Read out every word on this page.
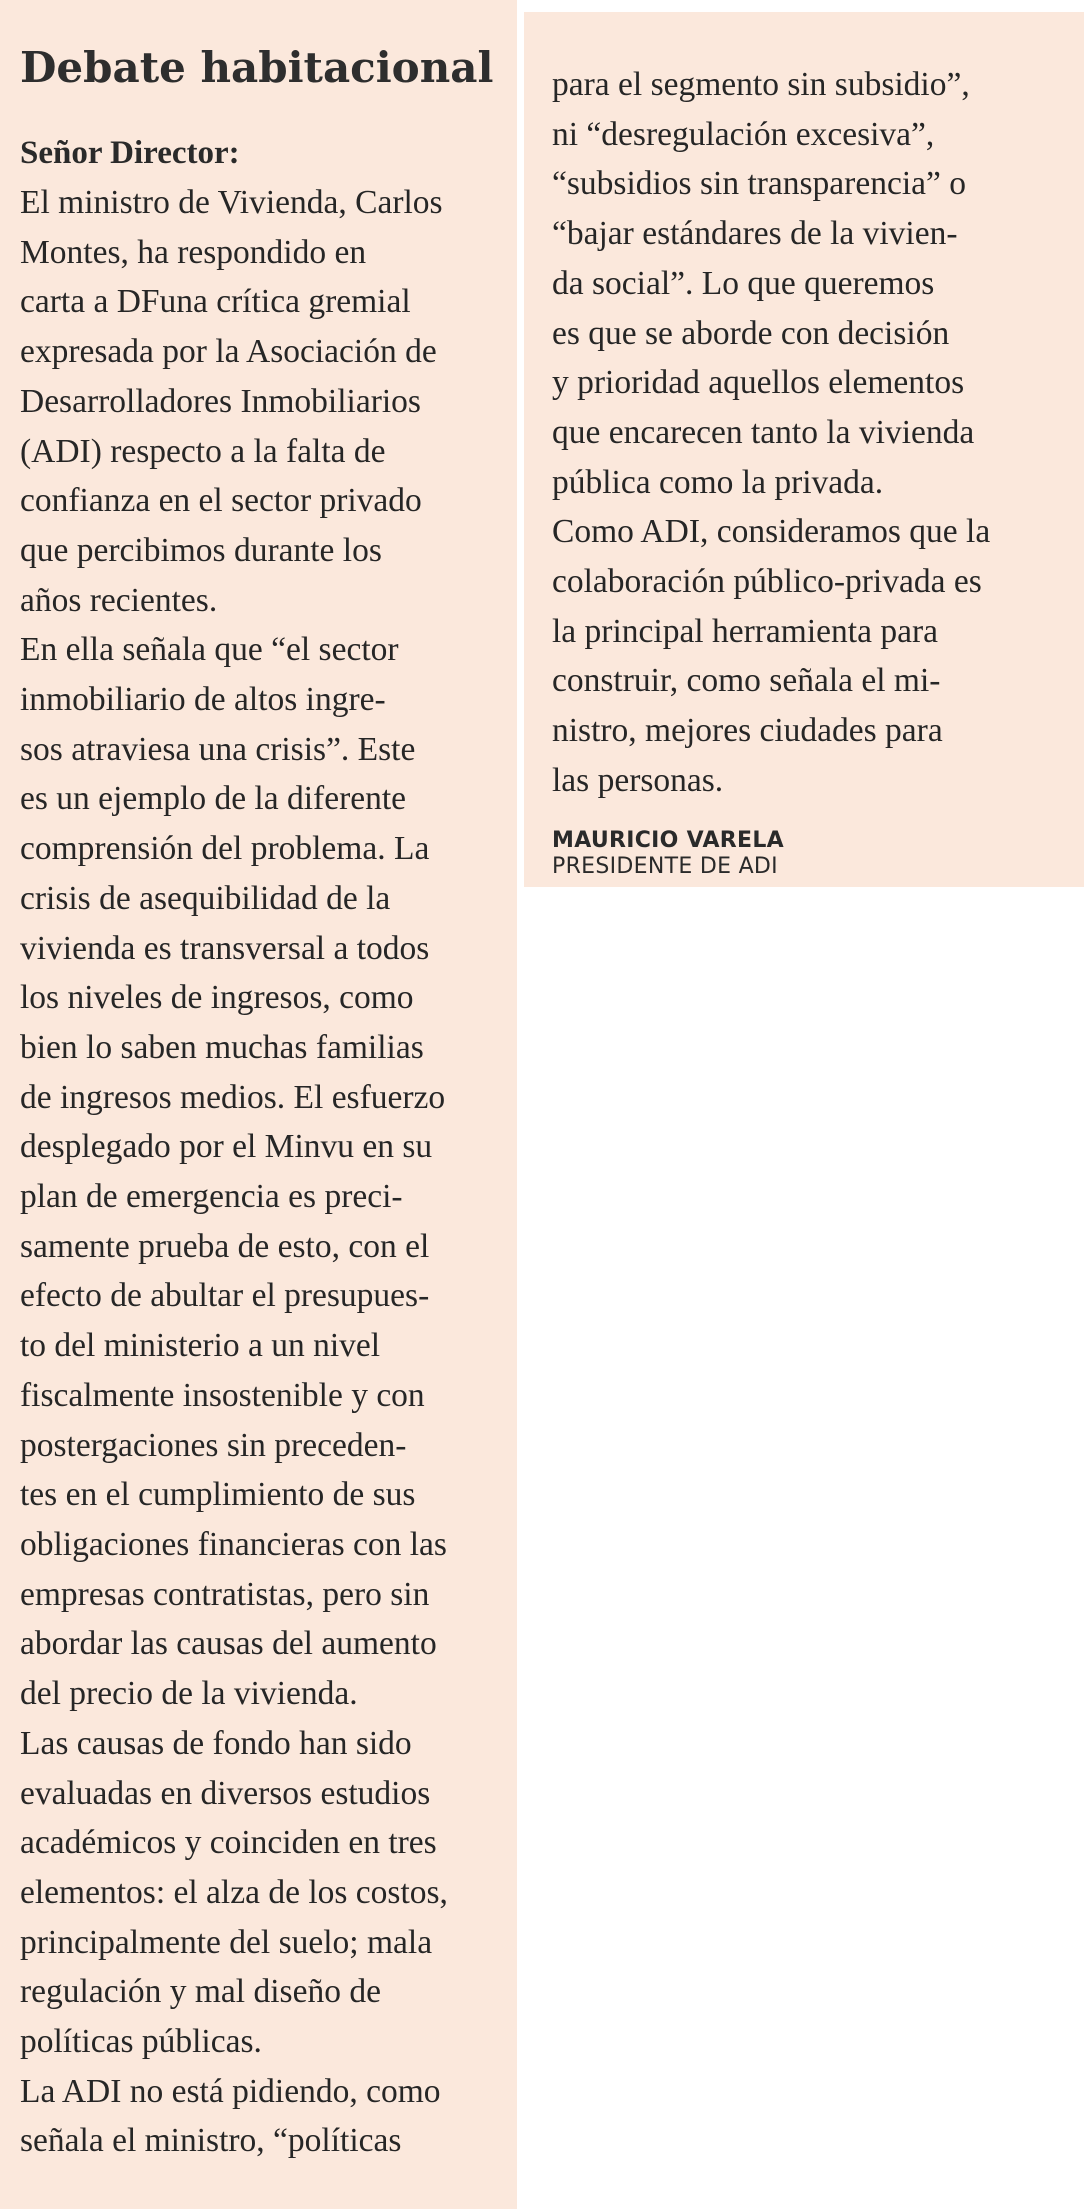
Debate habitacional
Señor Director:
El ministro de Vivienda, Carlos
Montes, ha respondido en
carta a DFuna crítica gremial
expresada por la Asociación de
Desarrolladores Inmobiliarios
(ADI) respecto a la falta de
confianza en el sector privado
que percibimos durante los
años recientes.
En ella señala que “el sector
inmobiliario de altos ingre-
sos atraviesa una crisis”. Este
es un ejemplo de la diferente
comprensión del problema. La
crisis de asequibilidad de la
vivienda es transversal a todos
los niveles de ingresos, como
bien lo saben muchas familias
de ingresos medios. El esfuerzo
desplegado por el Minvu en su
plan de emergencia es preci-
samente prueba de esto, con el
efecto de abultar el presupues-
to del ministerio a un nivel
fiscalmente insostenible y con
postergaciones sin preceden-
tes en el cumplimiento de sus
obligaciones financieras con las
empresas contratistas, pero sin
abordar las causas del aumento
del precio de la vivienda.
Las causas de fondo han sido
evaluadas en diversos estudios
académicos y coinciden en tres
elementos: el alza de los costos,
principalmente del suelo; mala
regulación y mal diseño de
políticas públicas.
La ADI no está pidiendo, como
señala el ministro, “políticas
para el segmento sin subsidio”,
ni “desregulación excesiva”,
“subsidios sin transparencia” o
“bajar estándares de la vivien-
da social”. Lo que queremos
es que se aborde con decisión
y prioridad aquellos elementos
que encarecen tanto la vivienda
pública como la privada.
Como ADI, consideramos que la
colaboración público-privada es
la principal herramienta para
construir, como señala el mi-
nistro, mejores ciudades para
las personas.
MAURICIO VARELA
PRESIDENTE DE ADI
